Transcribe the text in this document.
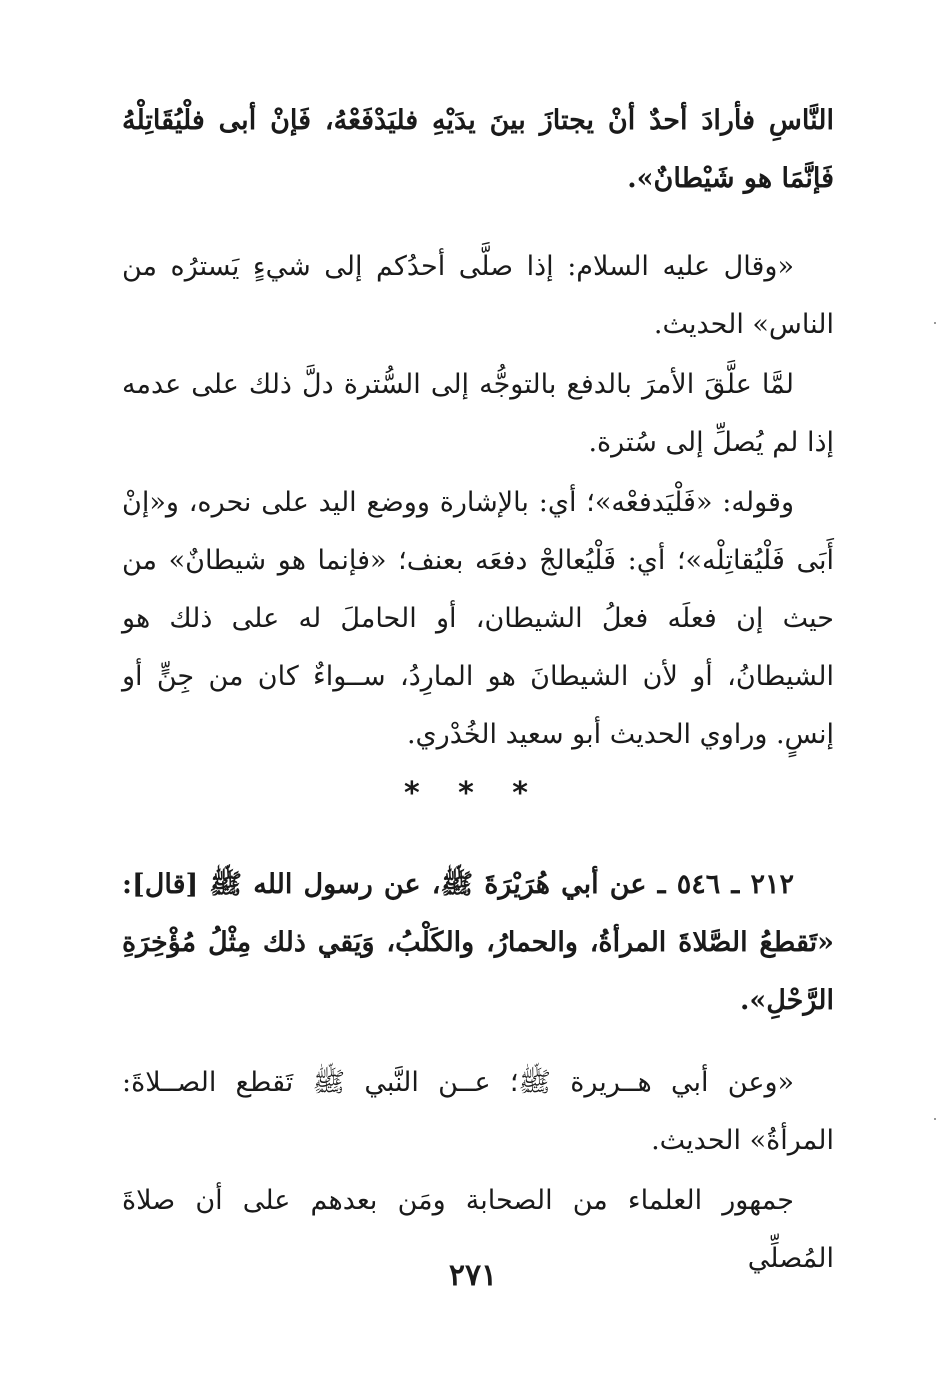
النَّاسِ فأرادَ أحدٌ أنْ يجتازَ بينَ يدَيْهِ فليَدْفَعْهُ، فَإنْ أبى فلْيُقَاتِلْهُ فَإنَّمَا هو شَيْطانٌ».

«وقال عليه السلام: إذا صلَّى أحدُكم إلى شيءٍ يَسترُه من الناس» الحديث.

لمَّا علَّقَ الأمرَ بالدفع بالتوجُّه إلى السُّترة دلَّ ذلك على عدمه إذا لم يُصلِّ إلى سُترة.

وقوله: «فَلْيَدفعْه»؛ أي: بالإشارة ووضع اليد على نحره، و«إنْ أَبَى فَلْيُقاتِلْه»؛ أي: فَلْيُعالجْ دفعَه بعنف؛ «فإنما هو شيطانٌ» من حيث إن فعلَه فعلُ الشيطان، أو الحاملَ له على ذلك هو الشيطانُ، أو لأن الشيطانَ هو المارِدُ، ســواءٌ كان من جِنٍّ أو إنسٍ. وراوي الحديث أبو سعيد الخُدْري.

* * *

٢١٢ ـ ٥٤٦ ـ عن أبي هُرَيْرَةَ ﷺ، عن رسول الله ﷺ [قال]: «تَقطعُ الصَّلاةَ المرأةُ، والحمارُ، والكَلْبُ، وَيَقي ذلك مِثْلُ مُؤْخِرَةِ الرَّحْلِ».

«وعن أبي هــريرة ﷺ؛ عــن النَّبي ﷺ تَقطع الصــلاةَ: المرأةُ» الحديث.

جمهور العلماء من الصحابة ومَن بعدهم على أن صلاةَ المُصلِّي

٢٧١
